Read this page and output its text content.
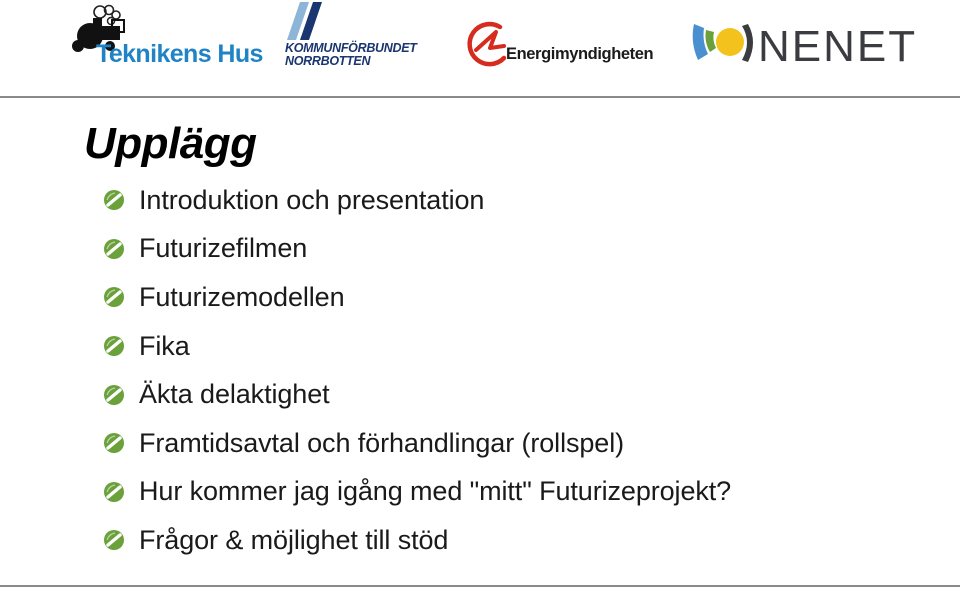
Teknikens Hus KOMMUNFÖRBUNDET
NORRBOTTEN	Energimyndigheten NENET
Upplägg
Introduktion och presentation
Futurizefilmen
Futurizemodellen
Fika
Äkta delaktighet
Framtidsavtal och förhandlingar (rollspel)
Hur kommer jag igång med "mitt" Futurizeprojekt?
Frågor & möjlighet till stöd
